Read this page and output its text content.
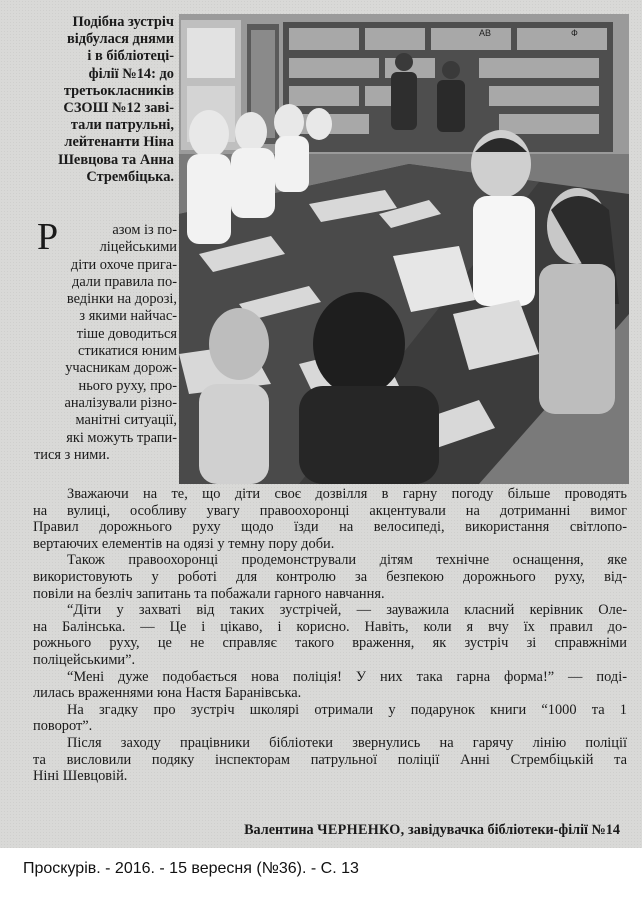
Подібна зустріч
відбулася днями
і в бібліотеці-
філії №14: до
третьокласників
СЗОШ №12 заві-
тали патрульні,
лейтенанти Ніна
Шевцова та Анна
Стрембіцька.
Р	азом із по-
ліцейськими
діти охоче прига-
дали правила по-
ведінки на дорозі,
з якими найчас-
тіше доводиться
стикатися юним
учасникам дорож-
нього руху, про-
аналізували різно-
манітні ситуації,
які можуть трапи-
тися з ними.
АВ	Ф
Зважаючи на те, що діти своє дозвілля в гарну погоду більше проводять
на вулиці, особливу увагу правоохоронці акцентували на дотриманні вимог
Правил дорожнього руху щодо їзди на велосипеді, використання світлопо-
вертаючих елементів на одязі у темну пору доби.
Також правоохоронці продемонстрували дітям технічне оснащення, яке
використовують у роботі для контролю за безпекою дорожнього руху, від-
повіли на безліч запитань та побажали гарного навчання.
“Діти у захваті від таких зустрічей, — зауважила класний керівник Оле-
на Балінська. — Це і цікаво, і корисно. Навіть, коли я вчу їх правил до-
рожнього руху, це не справляє такого враження, як зустріч зі справжніми
поліцейськими”.
“Мені дуже подобається нова поліція! У них така гарна форма!” — поді-
лилась враженнями юна Настя Баранівська.
На згадку про зустріч школярі отримали у подарунок книги “1000 та 1
поворот”.
Після заходу працівники бібліотеки звернулись на гарячу лінію поліції
та висловили подяку інспекторам патрульної поліції Анні Стрембіцькій та
Ніні Шевцовій.
Валентина ЧЕРНЕНКО, завідувачка бібліотеки-філії №14
Проскурів. - 2016. - 15 вересня (№36). - С. 13
